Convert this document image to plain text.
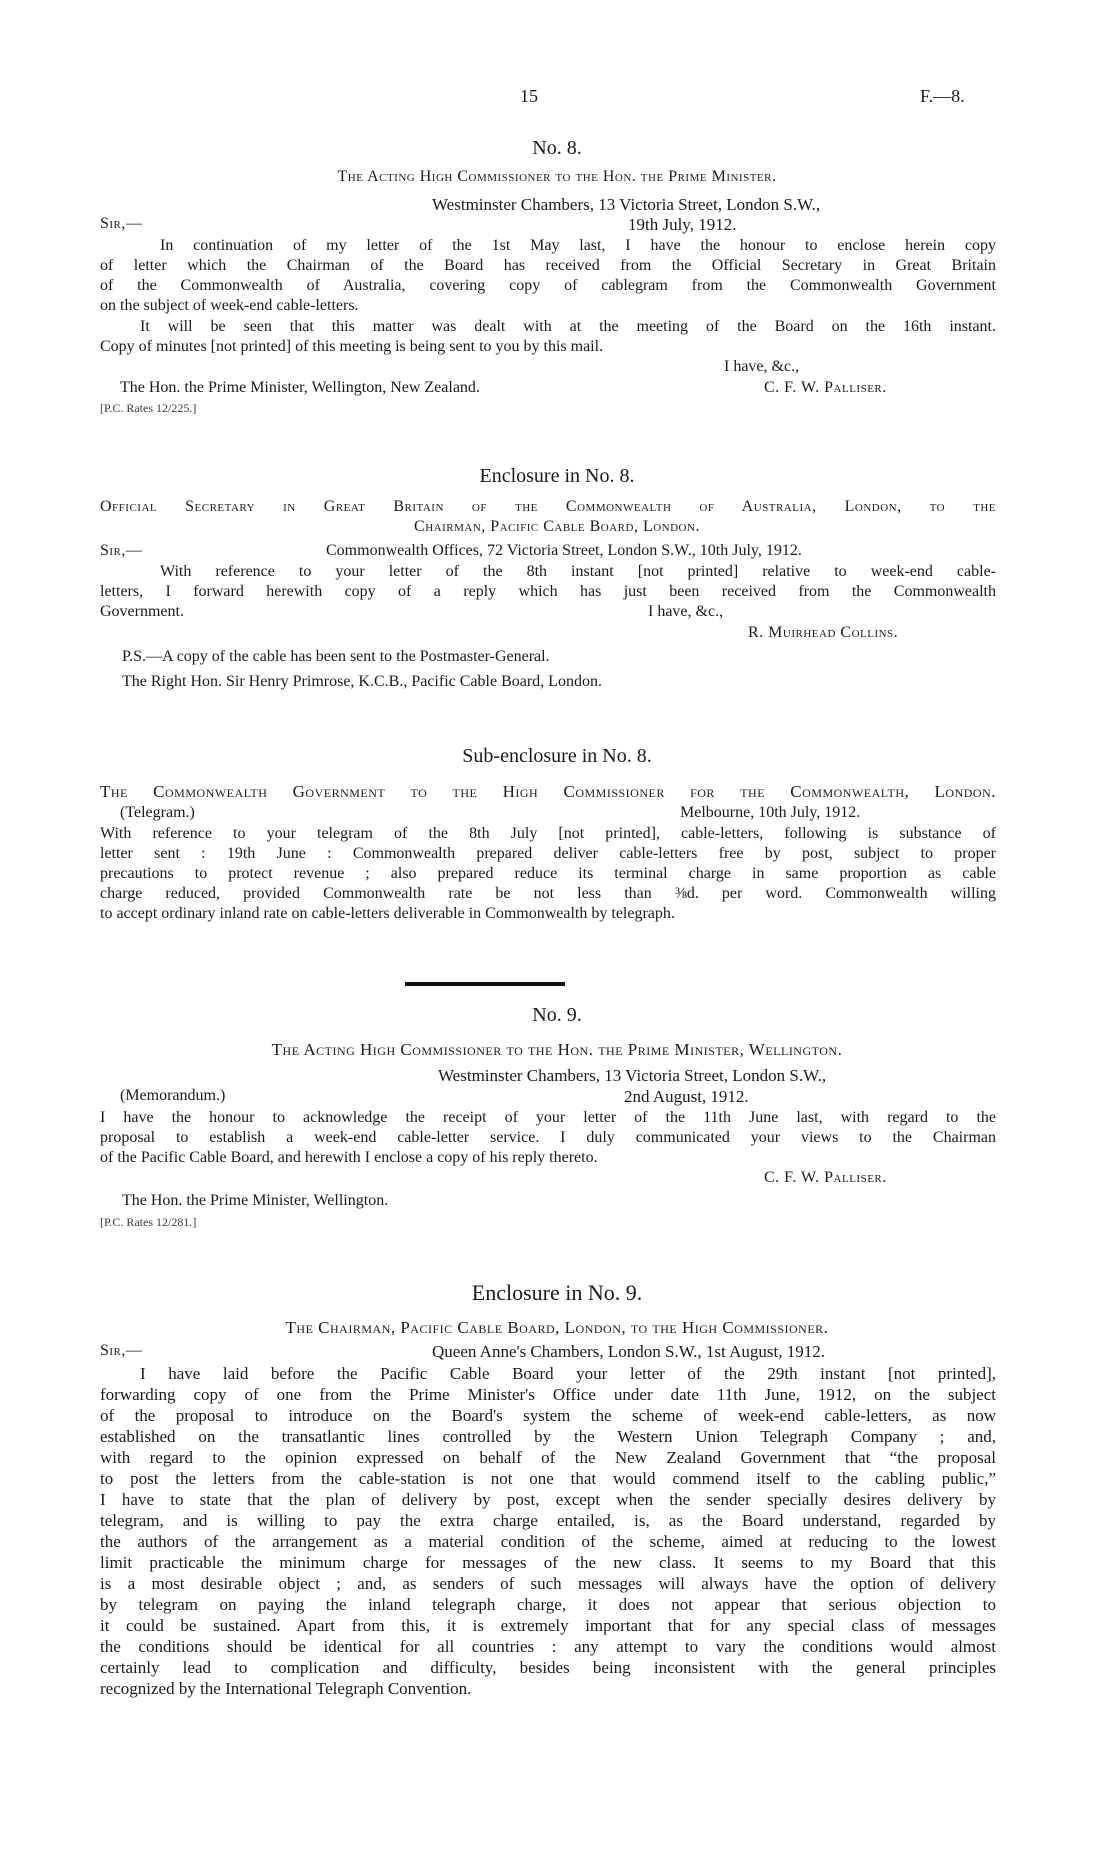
15	F.—8.
No. 8.
The Acting High Commissioner to the Hon. the Prime Minister.
Westminster Chambers, 13 Victoria Street, London S.W.,
Sir,—	19th July, 1912.
In continuation of my letter of the 1st May last, I have the honour to enclose herein copy
of letter which the Chairman of the Board has received from the Official Secretary in Great Britain
of the Commonwealth of Australia, covering copy of cablegram from the Commonwealth Government
on the subject of week-end cable-letters.
It will be seen that this matter was dealt with at the meeting of the Board on the 16th instant.
Copy of minutes [not printed] of this meeting is being sent to you by this mail.
I have, &c.,
The Hon. the Prime Minister, Wellington, New Zealand.	C. F. W. Palliser.
[P.C. Rates 12/225.]
Enclosure in No. 8.
Official Secretary in Great Britain of the Commonwealth of Australia, London, to the
Chairman, Pacific Cable Board, London.
Sir,—	Commonwealth Offices, 72 Victoria Street, London S.W., 10th July, 1912.
With reference to your letter of the 8th instant [not printed] relative to week-end cable-
letters, I forward herewith copy of a reply which has just been received from the Commonwealth
Government.	I have, &c.,
R. Muirhead Collins.
P.S.—A copy of the cable has been sent to the Postmaster-General.
The Right Hon. Sir Henry Primrose, K.C.B., Pacific Cable Board, London.
Sub-enclosure in No. 8.
The Commonwealth Government to the High Commissioner for the Commonwealth, London.
(Telegram.)	Melbourne, 10th July, 1912.
With reference to your telegram of the 8th July [not printed], cable-letters, following is substance of
letter sent : 19th June : Commonwealth prepared deliver cable-letters free by post, subject to proper
precautions to protect revenue ; also prepared reduce its terminal charge in same proportion as cable
charge reduced, provided Commonwealth rate be not less than ⅜d. per word. Commonwealth willing
to accept ordinary inland rate on cable-letters deliverable in Commonwealth by telegraph.
No. 9.
The Acting High Commissioner to the Hon. the Prime Minister, Wellington.
Westminster Chambers, 13 Victoria Street, London S.W.,
(Memorandum.)	2nd August, 1912.
I have the honour to acknowledge the receipt of your letter of the 11th June last, with regard to the
proposal to establish a week-end cable-letter service. I duly communicated your views to the Chairman
of the Pacific Cable Board, and herewith I enclose a copy of his reply thereto.
C. F. W. Palliser.
The Hon. the Prime Minister, Wellington.
[P.C. Rates 12/281.]
Enclosure in No. 9.
The Chairman, Pacific Cable Board, London, to the High Commissioner.
Sir,—	Queen Anne's Chambers, London S.W., 1st August, 1912.
I have laid before the Pacific Cable Board your letter of the 29th instant [not printed],
forwarding copy of one from the Prime Minister's Office under date 11th June, 1912, on the subject
of the proposal to introduce on the Board's system the scheme of week-end cable-letters, as now
established on the transatlantic lines controlled by the Western Union Telegraph Company ; and,
with regard to the opinion expressed on behalf of the New Zealand Government that “the proposal
to post the letters from the cable-station is not one that would commend itself to the cabling public,”
I have to state that the plan of delivery by post, except when the sender specially desires delivery by
telegram, and is willing to pay the extra charge entailed, is, as the Board understand, regarded by
the authors of the arrangement as a material condition of the scheme, aimed at reducing to the lowest
limit practicable the minimum charge for messages of the new class. It seems to my Board that this
is a most desirable object ; and, as senders of such messages will always have the option of delivery
by telegram on paying the inland telegraph charge, it does not appear that serious objection to
it could be sustained. Apart from this, it is extremely important that for any special class of messages
the conditions should be identical for all countries : any attempt to vary the conditions would almost
certainly lead to complication and difficulty, besides being inconsistent with the general principles
recognized by the International Telegraph Convention.
